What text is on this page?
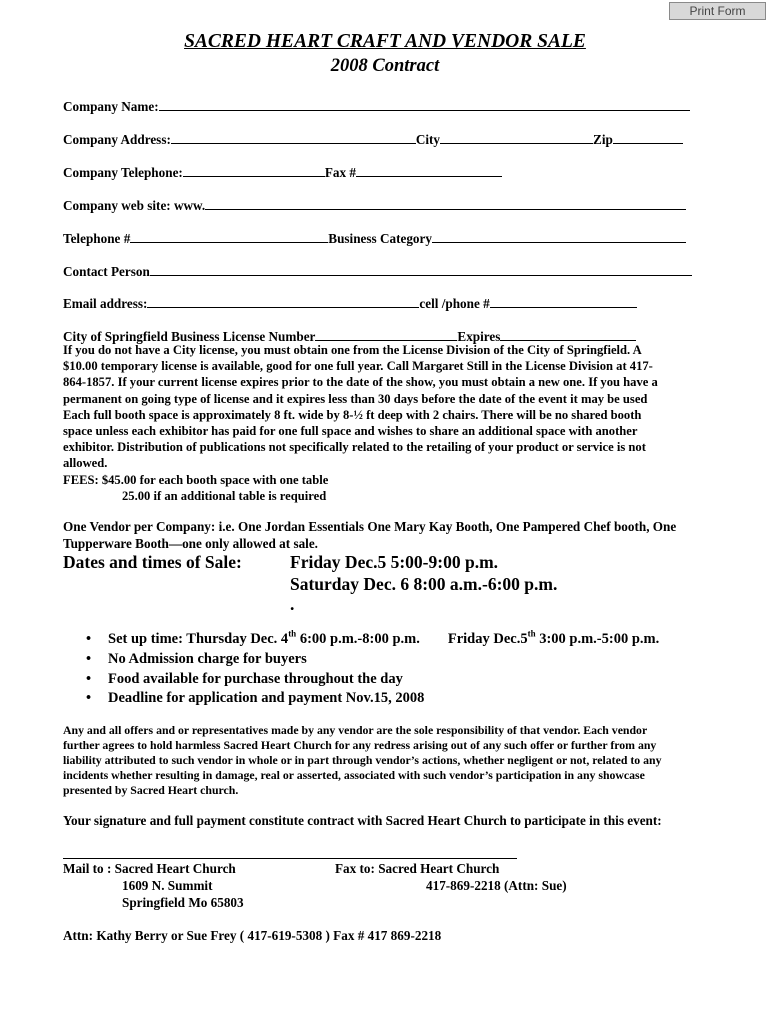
Print Form
SACRED HEART CRAFT AND VENDOR SALE
2008 Contract
Company Name:
Company Address:	City	Zip
Company Telephone:	Fax #
Company web site: www.
Telephone #	Business Category
Contact Person
Email address:	cell /phone #
City of Springfield Business License Number	Expires

If you do not have a City license, you must obtain one from the License Division of the City of Springfield. A

$10.00 temporary license is available, good for one full year. Call Margaret Still in the License Division at 417-

864-1857. If your current license expires prior to the date of the show, you must obtain a new one. If you have a

permanent on going type of license and it expires less than 30 days before the date of the event it may be used

Each full booth space is approximately 8 ft. wide by 8-½ ft deep with 2 chairs. There will be no shared booth

space unless each exhibitor has paid for one full space and wishes to share an additional space with another

exhibitor. Distribution of publications not specifically related to the retailing of your product or service is not

allowed.

FEES: $45.00 for each booth space with one table

25.00 if an additional table is required

One Vendor per Company: i.e. One Jordan Essentials One Mary Kay Booth, One Pampered Chef booth, One

Tupperware Booth—one only allowed at sale.

Dates and times of Sale:	Friday Dec.5 5:00-9:00 p.m.
Saturday Dec. 6 8:00 a.m.-6:00 p.m.
.
• Set up time: Thursday Dec. 4th 6:00 p.m.-8:00 p.m. Friday Dec.5th 3:00 p.m.-5:00 p.m.
• No Admission charge for buyers
• Food available for purchase throughout the day
• Deadline for application and payment Nov.15, 2008

Any and all offers and or representatives made by any vendor are the sole responsibility of that vendor. Each vendor

further agrees to hold harmless Sacred Heart Church for any redress arising out of any such offer or further from any

liability attributed to such vendor in whole or in part through vendor’s actions, whether negligent or not, related to any

incidents whether resulting in damage, real or asserted, associated with such vendor’s participation in any showcase

presented by Sacred Heart church.

Your signature and full payment constitute contract with Sacred Heart Church to participate in this event:
Mail to : Sacred Heart Church
1609 N. Summit
Springfield Mo 65803
Fax to: Sacred Heart Church
417-869-2218 (Attn: Sue)
Attn: Kathy Berry or Sue Frey ( 417-619-5308 ) Fax # 417 869-2218
